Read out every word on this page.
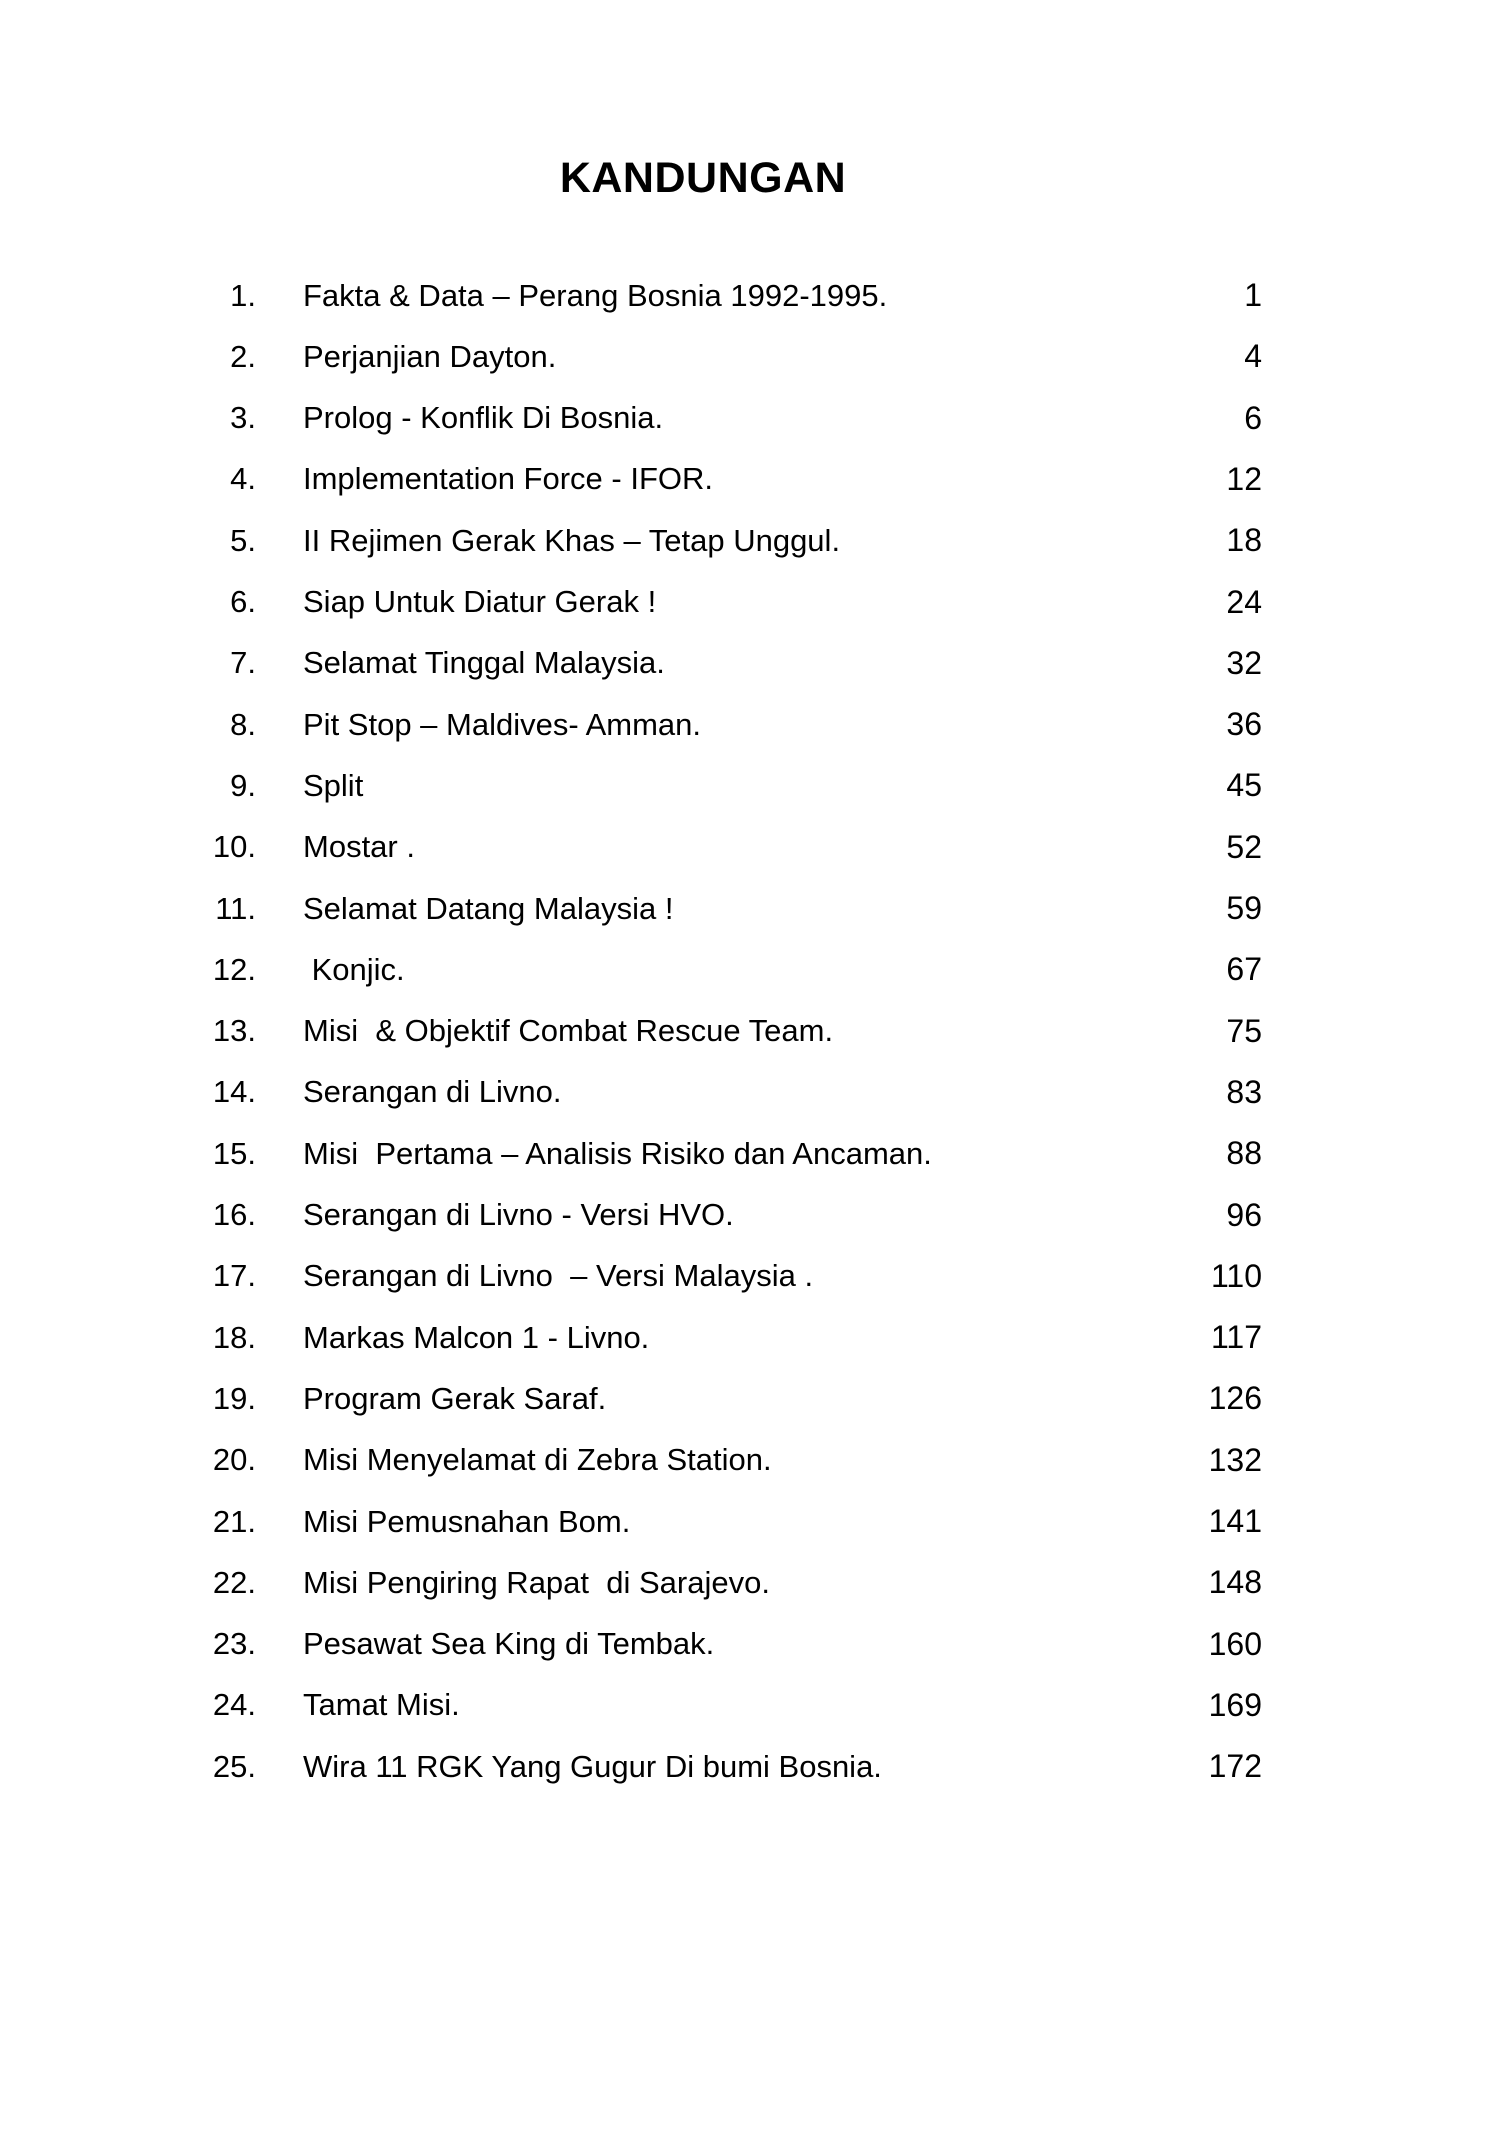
KANDUNGAN
1. Fakta & Data – Perang Bosnia 1992-1995.	1
2. Perjanjian Dayton.	4
3. Prolog - Konflik Di Bosnia.	6
4. Implementation Force - IFOR.	12
5. II Rejimen Gerak Khas – Tetap Unggul.	18
6. Siap Untuk Diatur Gerak !	24
7. Selamat Tinggal Malaysia.	32
8. Pit Stop – Maldives- Amman.	36
9. Split	45
10. Mostar .	52
11. Selamat Datang Malaysia !	59
12. Konjic.	67
13. Misi  & Objektif Combat Rescue Team.	75
14. Serangan di Livno.	83
15. Misi  Pertama – Analisis Risiko dan Ancaman.	88
16. Serangan di Livno - Versi HVO.	96
17. Serangan di Livno  – Versi Malaysia .	110
18. Markas Malcon 1 - Livno.	117
19. Program Gerak Saraf.	126
20. Misi Menyelamat di Zebra Station.	132
21. Misi Pemusnahan Bom.	141
22. Misi Pengiring Rapat  di Sarajevo.	148
23. Pesawat Sea King di Tembak.	160
24. Tamat Misi.	169
25. Wira 11 RGK Yang Gugur Di bumi Bosnia.	172
